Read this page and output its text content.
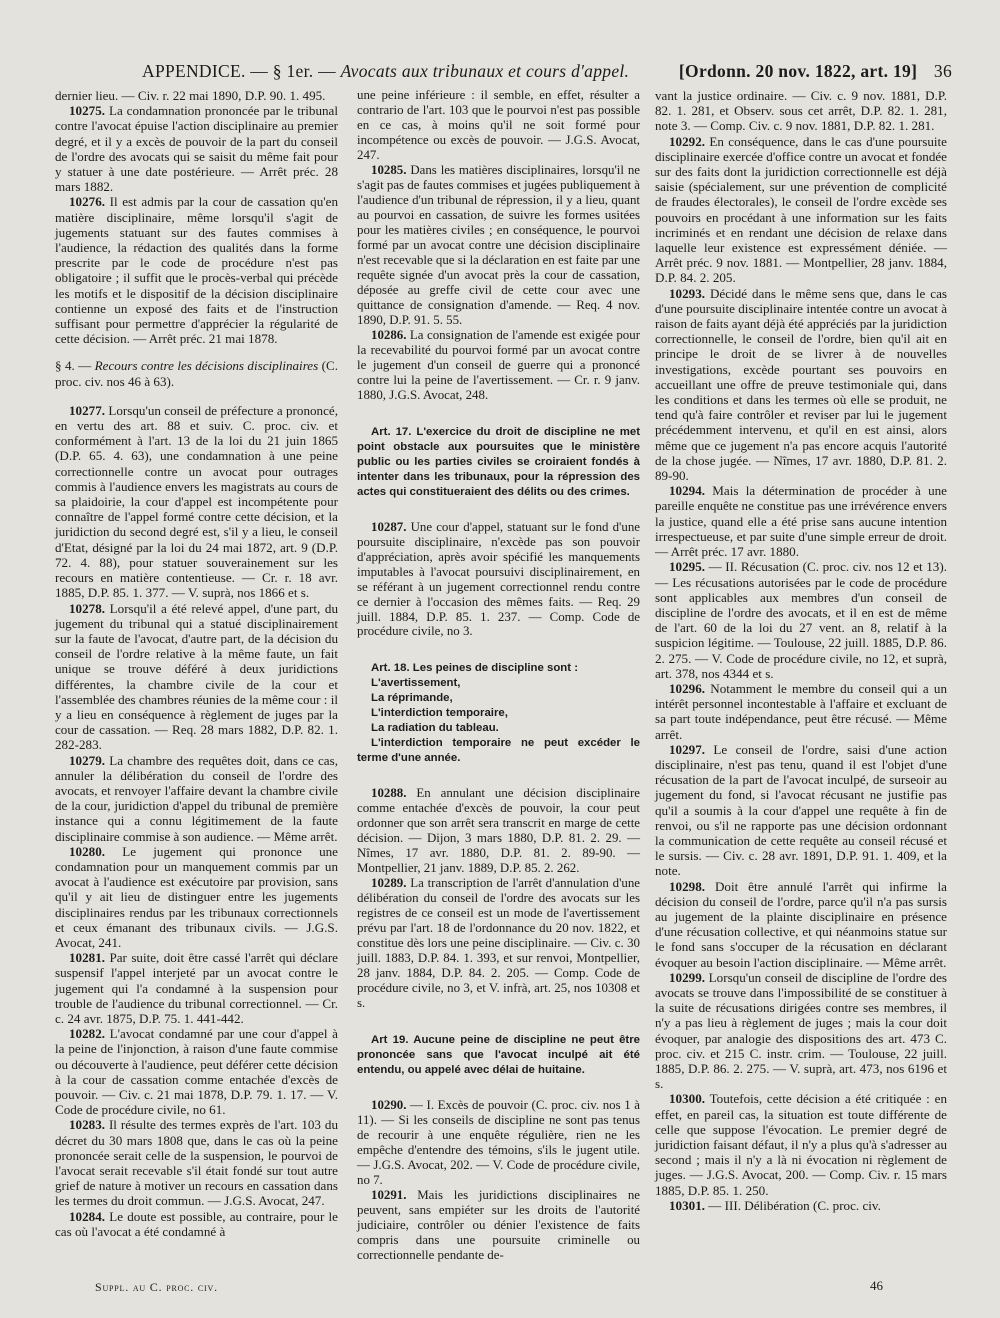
APPENDICE. — § 1er. — Avocats aux tribunaux et cours d'appel.	[Ordonn. 20 nov. 1822, art. 19] 36

dernier lieu. — Civ. r. 22 mai 1890, D.P. 90. 1. 495.

10275. La condamnation prononcée par le tribunal contre l'avocat épuise l'action disciplinaire au premier degré, et il y a excès de pouvoir de la part du conseil de l'ordre des avocats qui se saisit du même fait pour y statuer à une date postérieure. — Arrêt préc. 28 mars 1882.

10276. Il est admis par la cour de cassation qu'en matière disciplinaire, même lorsqu'il s'agit de jugements statuant sur des fautes commises à l'audience, la rédaction des qualités dans la forme prescrite par le code de procédure n'est pas obligatoire ; il suffit que le procès-verbal qui précède les motifs et le dispositif de la décision disciplinaire contienne un exposé des faits et de l'instruction suffisant pour permettre d'apprécier la régularité de cette décision. — Arrêt préc. 21 mai 1878.

§ 4. — Recours contre les décisions disciplinaires (C. proc. civ. nos 46 à 63).

10277. Lorsqu'un conseil de préfecture a prononcé, en vertu des art. 88 et suiv. C. proc. civ. et conformément à l'art. 13 de la loi du 21 juin 1865 (D.P. 65. 4. 63), une condamnation à une peine correctionnelle contre un avocat pour outrages commis à l'audience envers les magistrats au cours de sa plaidoirie, la cour d'appel est incompétente pour connaître de l'appel formé contre cette décision, et la juridiction du second degré est, s'il y a lieu, le conseil d'Etat, désigné par la loi du 24 mai 1872, art. 9 (D.P. 72. 4. 88), pour statuer souverainement sur les recours en matière contentieuse. — Cr. r. 18 avr. 1885, D.P. 85. 1. 377. — V. suprà, nos 1866 et s.

10278. Lorsqu'il a été relevé appel, d'une part, du jugement du tribunal qui a statué disciplinairement sur la faute de l'avocat, d'autre part, de la décision du conseil de l'ordre relative à la même faute, un fait unique se trouve déféré à deux juridictions différentes, la chambre civile de la cour et l'assemblée des chambres réunies de la même cour : il y a lieu en conséquence à règlement de juges par la cour de cassation. — Req. 28 mars 1882, D.P. 82. 1. 282-283.

10279. La chambre des requêtes doit, dans ce cas, annuler la délibération du conseil de l'ordre des avocats, et renvoyer l'affaire devant la chambre civile de la cour, juridiction d'appel du tribunal de première instance qui a connu légitimement de la faute disciplinaire commise à son audience. — Même arrêt.

10280. Le jugement qui prononce une condamnation pour un manquement commis par un avocat à l'audience est exécutoire par provision, sans qu'il y ait lieu de distinguer entre les jugements disciplinaires rendus par les tribunaux correctionnels et ceux émanant des tribunaux civils. — J.G.S. Avocat, 241.

10281. Par suite, doit être cassé l'arrêt qui déclare suspensif l'appel interjeté par un avocat contre le jugement qui l'a condamné à la suspension pour trouble de l'audience du tribunal correctionnel. — Cr. c. 24 avr. 1875, D.P. 75. 1. 441-442.

10282. L'avocat condamné par une cour d'appel à la peine de l'injonction, à raison d'une faute commise ou découverte à l'audience, peut déférer cette décision à la cour de cassation comme entachée d'excès de pouvoir. — Civ. c. 21 mai 1878, D.P. 79. 1. 17. — V. Code de procédure civile, no 61.

10283. Il résulte des termes exprès de l'art. 103 du décret du 30 mars 1808 que, dans le cas où la peine prononcée serait celle de la suspension, le pourvoi de l'avocat serait recevable s'il était fondé sur tout autre grief de nature à motiver un recours en cassation dans les termes du droit commun. — J.G.S. Avocat, 247.

10284. Le doute est possible, au contraire, pour le cas où l'avocat a été condamné à

une peine inférieure : il semble, en effet, résulter a contrario de l'art. 103 que le pourvoi n'est pas possible en ce cas, à moins qu'il ne soit formé pour incompétence ou excès de pouvoir. — J.G.S. Avocat, 247.

10285. Dans les matières disciplinaires, lorsqu'il ne s'agit pas de fautes commises et jugées publiquement à l'audience d'un tribunal de répression, il y a lieu, quant au pourvoi en cassation, de suivre les formes usitées pour les matières civiles ; en conséquence, le pourvoi formé par un avocat contre une décision disciplinaire n'est recevable que si la déclaration en est faite par une requête signée d'un avocat près la cour de cassation, déposée au greffe civil de cette cour avec une quittance de consignation d'amende. — Req. 4 nov. 1890, D.P. 91. 5. 55.

10286. La consignation de l'amende est exigée pour la recevabilité du pourvoi formé par un avocat contre le jugement d'un conseil de guerre qui a prononcé contre lui la peine de l'avertissement. — Cr. r. 9 janv. 1880, J.G.S. Avocat, 248.

Art. 17. L'exercice du droit de discipline ne met point obstacle aux poursuites que le ministère public ou les parties civiles se croiraient fondés à intenter dans les tribunaux, pour la répression des actes qui constitueraient des délits ou des crimes.

10287. Une cour d'appel, statuant sur le fond d'une poursuite disciplinaire, n'excède pas son pouvoir d'appréciation, après avoir spécifié les manquements imputables à l'avocat poursuivi disciplinairement, en se référant à un jugement correctionnel rendu contre ce dernier à l'occasion des mêmes faits. — Req. 29 juill. 1884, D.P. 85. 1. 237. — Comp. Code de procédure civile, no 3.

Art. 18. Les peines de discipline sont :

L'avertissement,

La réprimande,

L'interdiction temporaire,

La radiation du tableau.

L'interdiction temporaire ne peut excéder le terme d'une année.

10288. En annulant une décision disciplinaire comme entachée d'excès de pouvoir, la cour peut ordonner que son arrêt sera transcrit en marge de cette décision. — Dijon, 3 mars 1880, D.P. 81. 2. 29. — Nîmes, 17 avr. 1880, D.P. 81. 2. 89-90. — Montpellier, 21 janv. 1889, D.P. 85. 2. 262.

10289. La transcription de l'arrêt d'annulation d'une délibération du conseil de l'ordre des avocats sur les registres de ce conseil est un mode de l'avertissement prévu par l'art. 18 de l'ordonnance du 20 nov. 1822, et constitue dès lors une peine disciplinaire. — Civ. c. 30 juill. 1883, D.P. 84. 1. 393, et sur renvoi, Montpellier, 28 janv. 1884, D.P. 84. 2. 205. — Comp. Code de procédure civile, no 3, et V. infrà, art. 25, nos 10308 et s.

Art 19. Aucune peine de discipline ne peut être prononcée sans que l'avocat inculpé ait été entendu, ou appelé avec délai de huitaine.

10290. — I. Excès de pouvoir (C. proc. civ. nos 1 à 11). — Si les conseils de discipline ne sont pas tenus de recourir à une enquête régulière, rien ne les empêche d'entendre des témoins, s'ils le jugent utile. — J.G.S. Avocat, 202. — V. Code de procédure civile, no 7.

10291. Mais les juridictions disciplinaires ne peuvent, sans empiéter sur les droits de l'autorité judiciaire, contrôler ou dénier l'existence de faits compris dans une poursuite criminelle ou correctionnelle pendante de-

vant la justice ordinaire. — Civ. c. 9 nov. 1881, D.P. 82. 1. 281, et Observ. sous cet arrêt, D.P. 82. 1. 281, note 3. — Comp. Civ. c. 9 nov. 1881, D.P. 82. 1. 281.

10292. En conséquence, dans le cas d'une poursuite disciplinaire exercée d'office contre un avocat et fondée sur des faits dont la juridiction correctionnelle est déjà saisie (spécialement, sur une prévention de complicité de fraudes électorales), le conseil de l'ordre excède ses pouvoirs en procédant à une information sur les faits incriminés et en rendant une décision de relaxe dans laquelle leur existence est expressément déniée. — Arrêt préc. 9 nov. 1881. — Montpellier, 28 janv. 1884, D.P. 84. 2. 205.

10293. Décidé dans le même sens que, dans le cas d'une poursuite disciplinaire intentée contre un avocat à raison de faits ayant déjà été appréciés par la juridiction correctionnelle, le conseil de l'ordre, bien qu'il ait en principe le droit de se livrer à de nouvelles investigations, excède pourtant ses pouvoirs en accueillant une offre de preuve testimoniale qui, dans les conditions et dans les termes où elle se produit, ne tend qu'à faire contrôler et reviser par lui le jugement précédemment intervenu, et qu'il en est ainsi, alors même que ce jugement n'a pas encore acquis l'autorité de la chose jugée. — Nîmes, 17 avr. 1880, D.P. 81. 2. 89-90.

10294. Mais la détermination de procéder à une pareille enquête ne constitue pas une irrévérence envers la justice, quand elle a été prise sans aucune intention irrespectueuse, et par suite d'une simple erreur de droit. — Arrêt préc. 17 avr. 1880.

10295. — II. Récusation (C. proc. civ. nos 12 et 13). — Les récusations autorisées par le code de procédure sont applicables aux membres d'un conseil de discipline de l'ordre des avocats, et il en est de même de l'art. 60 de la loi du 27 vent. an 8, relatif à la suspicion légitime. — Toulouse, 22 juill. 1885, D.P. 86. 2. 275. — V. Code de procédure civile, no 12, et suprà, art. 378, nos 4344 et s.

10296. Notamment le membre du conseil qui a un intérêt personnel incontestable à l'affaire et excluant de sa part toute indépendance, peut être récusé. — Même arrêt.

10297. Le conseil de l'ordre, saisi d'une action disciplinaire, n'est pas tenu, quand il est l'objet d'une récusation de la part de l'avocat inculpé, de surseoir au jugement du fond, si l'avocat récusant ne justifie pas qu'il a soumis à la cour d'appel une requête à fin de renvoi, ou s'il ne rapporte pas une décision ordonnant la communication de cette requête au conseil récusé et le sursis. — Civ. c. 28 avr. 1891, D.P. 91. 1. 409, et la note.

10298. Doit être annulé l'arrêt qui infirme la décision du conseil de l'ordre, parce qu'il n'a pas sursis au jugement de la plainte disciplinaire en présence d'une récusation collective, et qui néanmoins statue sur le fond sans s'occuper de la récusation en déclarant évoquer au besoin l'action disciplinaire. — Même arrêt.

10299. Lorsqu'un conseil de discipline de l'ordre des avocats se trouve dans l'impossibilité de se constituer à la suite de récusations dirigées contre ses membres, il n'y a pas lieu à règlement de juges ; mais la cour doit évoquer, par analogie des dispositions des art. 473 C. proc. civ. et 215 C. instr. crim. — Toulouse, 22 juill. 1885, D.P. 86. 2. 275. — V. suprà, art. 473, nos 6196 et s.

10300. Toutefois, cette décision a été critiquée : en effet, en pareil cas, la situation est toute différente de celle que suppose l'évocation. Le premier degré de juridiction faisant défaut, il n'y a plus qu'à s'adresser au second ; mais il n'y a là ni évocation ni règlement de juges. — J.G.S. Avocat, 200. — Comp. Civ. r. 15 mars 1885, D.P. 85. 1. 250.

10301. — III. Délibération (C. proc. civ.

Suppl. au C. proc. civ.	46
